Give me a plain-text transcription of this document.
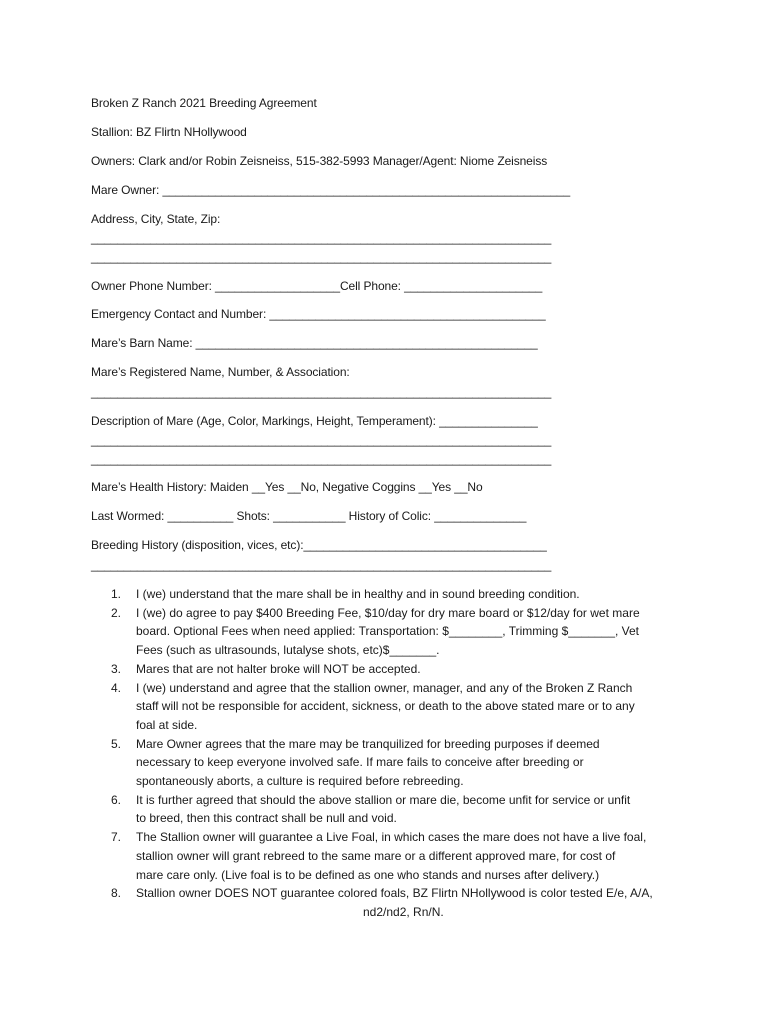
Broken Z Ranch 2021 Breeding Agreement

Stallion: BZ Flirtn NHollywood

Owners: Clark and/or Robin Zeisneiss, 515-382-5993 Manager/Agent: Niome Zeisneiss

Mare Owner: ______________________________________________________________

Address, City, State, Zip:

______________________________________________________________________

______________________________________________________________________

Owner Phone Number: ___________________Cell Phone: _____________________

Emergency Contact and Number: __________________________________________

Mare’s Barn Name: ____________________________________________________

Mare’s Registered Name, Number, & Association:

______________________________________________________________________

Description of Mare (Age, Color, Markings, Height, Temperament): _______________

______________________________________________________________________

______________________________________________________________________

Mare’s Health History: Maiden __Yes __No, Negative Coggins __Yes __No

Last Wormed: __________ Shots: ___________ History of Colic: ______________

Breeding History (disposition, vices, etc):_____________________________________

______________________________________________________________________

1. I (we) understand that the mare shall be in healthy and in sound breeding condition.
2. I (we) do agree to pay $400 Breeding Fee, $10/day for dry mare board or $12/day for wet mare
board. Optional Fees when need applied: Transportation: $________, Trimming $_______, Vet
Fees (such as ultrasounds, lutalyse shots, etc)$_______.
3. Mares that are not halter broke will NOT be accepted.
4. I (we) understand and agree that the stallion owner, manager, and any of the Broken Z Ranch
staff will not be responsible for accident, sickness, or death to the above stated mare or to any
foal at side.
5. Mare Owner agrees that the mare may be tranquilized for breeding purposes if deemed
necessary to keep everyone involved safe. If mare fails to conceive after breeding or
spontaneously aborts, a culture is required before rebreeding.
6. It is further agreed that should the above stallion or mare die, become unfit for service or unfit
to breed, then this contract shall be null and void.
7. The Stallion owner will guarantee a Live Foal, in which cases the mare does not have a live foal,
stallion owner will grant rebreed to the same mare or a different approved mare, for cost of
mare care only. (Live foal is to be defined as one who stands and nurses after delivery.)
8. Stallion owner DOES NOT guarantee colored foals, BZ Flirtn NHollywood is color tested E/e, A/A,
nd2/nd2, Rn/N.
